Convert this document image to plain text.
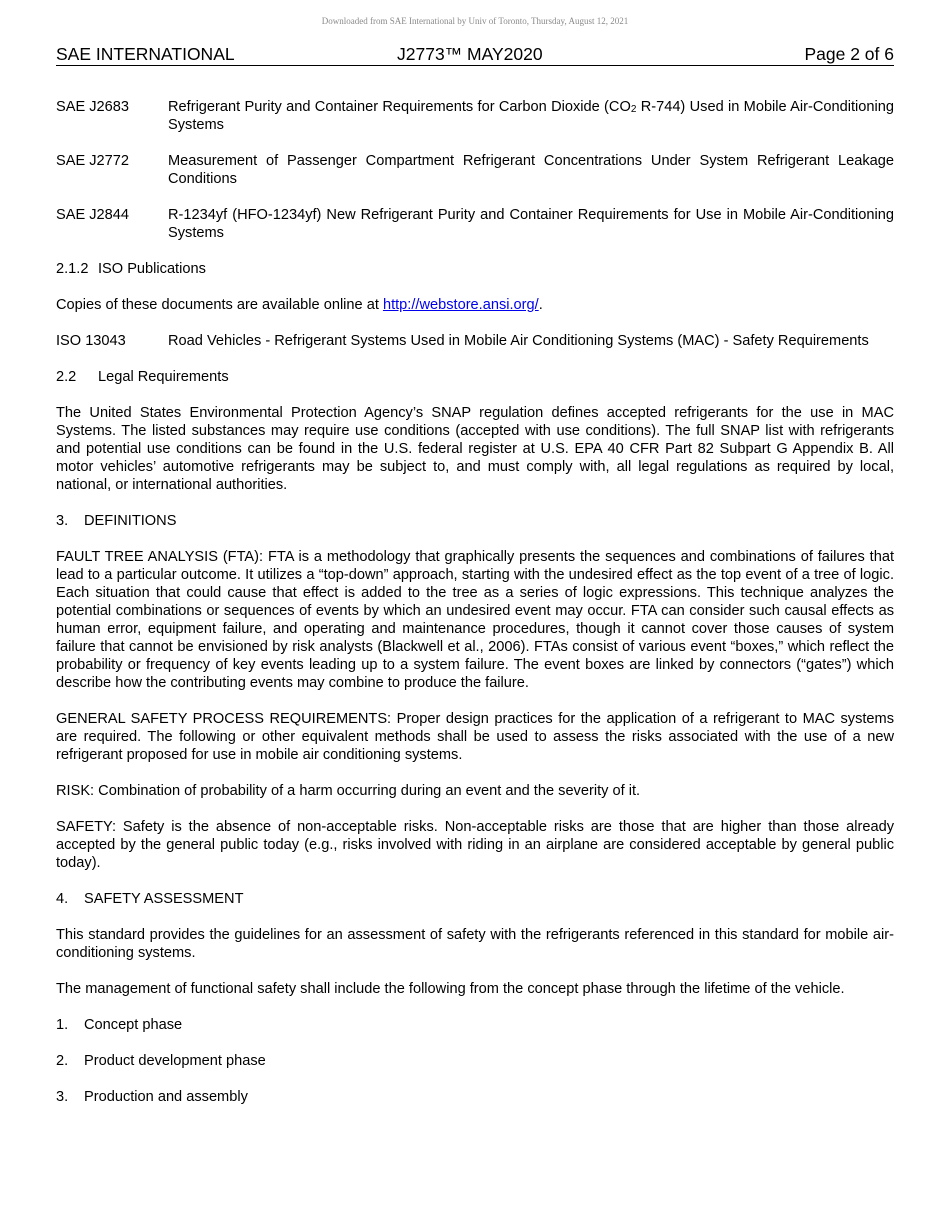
Downloaded from SAE International by Univ of Toronto, Thursday, August 12, 2021
SAE INTERNATIONAL	J2773™ MAY2020	Page 2 of 6
SAE J2683	Refrigerant Purity and Container Requirements for Carbon Dioxide ($CO_2$ R-744) Used in Mobile Air-Conditioning Systems
SAE J2772	Measurement of Passenger Compartment Refrigerant Concentrations Under System Refrigerant Leakage Conditions
SAE J2844	R-1234yf (HFO-1234yf) New Refrigerant Purity and Container Requirements for Use in Mobile Air-Conditioning Systems
2.1.2 ISO Publications

Copies of these documents are available online at http://webstore.ansi.org/.

ISO 13043	Road Vehicles - Refrigerant Systems Used in Mobile Air Conditioning Systems (MAC) - Safety Requirements
2.2 Legal Requirements

The United States Environmental Protection Agency’s SNAP regulation defines accepted refrigerants for the use in MAC Systems. The listed substances may require use conditions (accepted with use conditions). The full SNAP list with refrigerants and potential use conditions can be found in the U.S. federal register at U.S. EPA 40 CFR Part 82 Subpart G Appendix B. All motor vehicles’ automotive refrigerants may be subject to, and must comply with, all legal regulations as required by local, national, or international authorities.

3. DEFINITIONS

FAULT TREE ANALYSIS (FTA): FTA is a methodology that graphically presents the sequences and combinations of failures that lead to a particular outcome. It utilizes a “top-down” approach, starting with the undesired effect as the top event of a tree of logic. Each situation that could cause that effect is added to the tree as a series of logic expressions. This technique analyzes the potential combinations or sequences of events by which an undesired event may occur. FTA can consider such causal effects as human error, equipment failure, and operating and maintenance procedures, though it cannot cover those causes of system failure that cannot be envisioned by risk analysts (Blackwell et al., 2006). FTAs consist of various event “boxes,” which reflect the probability or frequency of key events leading up to a system failure. The event boxes are linked by connectors (“gates”) which describe how the contributing events may combine to produce the failure.

GENERAL SAFETY PROCESS REQUIREMENTS: Proper design practices for the application of a refrigerant to MAC systems are required. The following or other equivalent methods shall be used to assess the risks associated with the use of a new refrigerant proposed for use in mobile air conditioning systems.

RISK: Combination of probability of a harm occurring during an event and the severity of it.

SAFETY: Safety is the absence of non-acceptable risks. Non-acceptable risks are those that are higher than those already accepted by the general public today (e.g., risks involved with riding in an airplane are considered acceptable by general public today).

4. SAFETY ASSESSMENT

This standard provides the guidelines for an assessment of safety with the refrigerants referenced in this standard for mobile air-conditioning systems.

The management of functional safety shall include the following from the concept phase through the lifetime of the vehicle.

1. Concept phase
2. Product development phase
3. Production and assembly
